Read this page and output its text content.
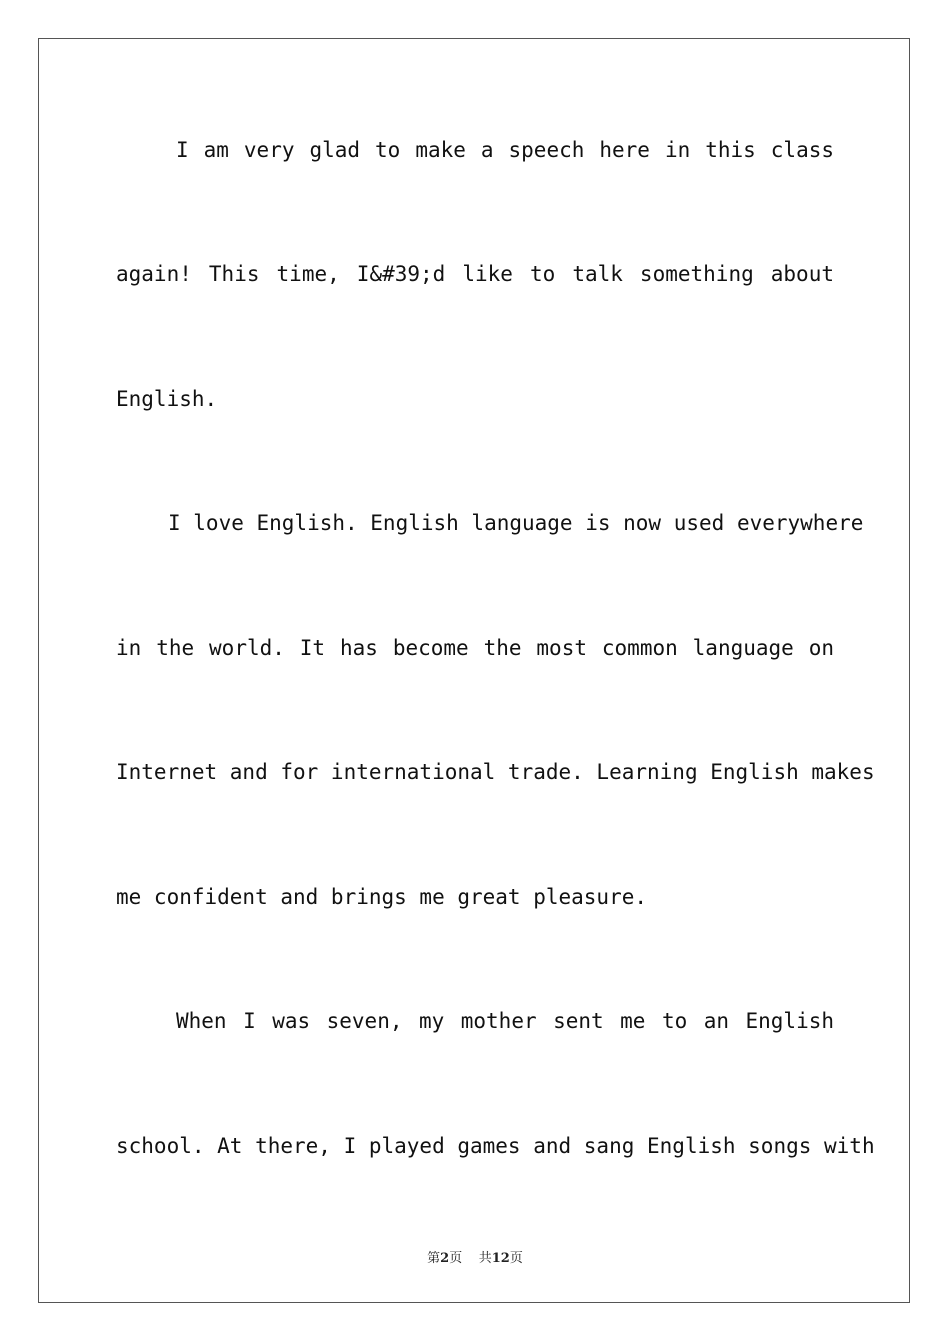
I am very glad to make a speech here in this class
again! This time, I&#39;d like to talk something about
English.
I love English. English language is now used everywhere
in the world. It has become the most common language on
Internet and for international trade. Learning English makes
me confident and brings me great pleasure.
When I was seven, my mother sent me to an English
school. At there, I played games and sang English songs with
第2页 共12页
